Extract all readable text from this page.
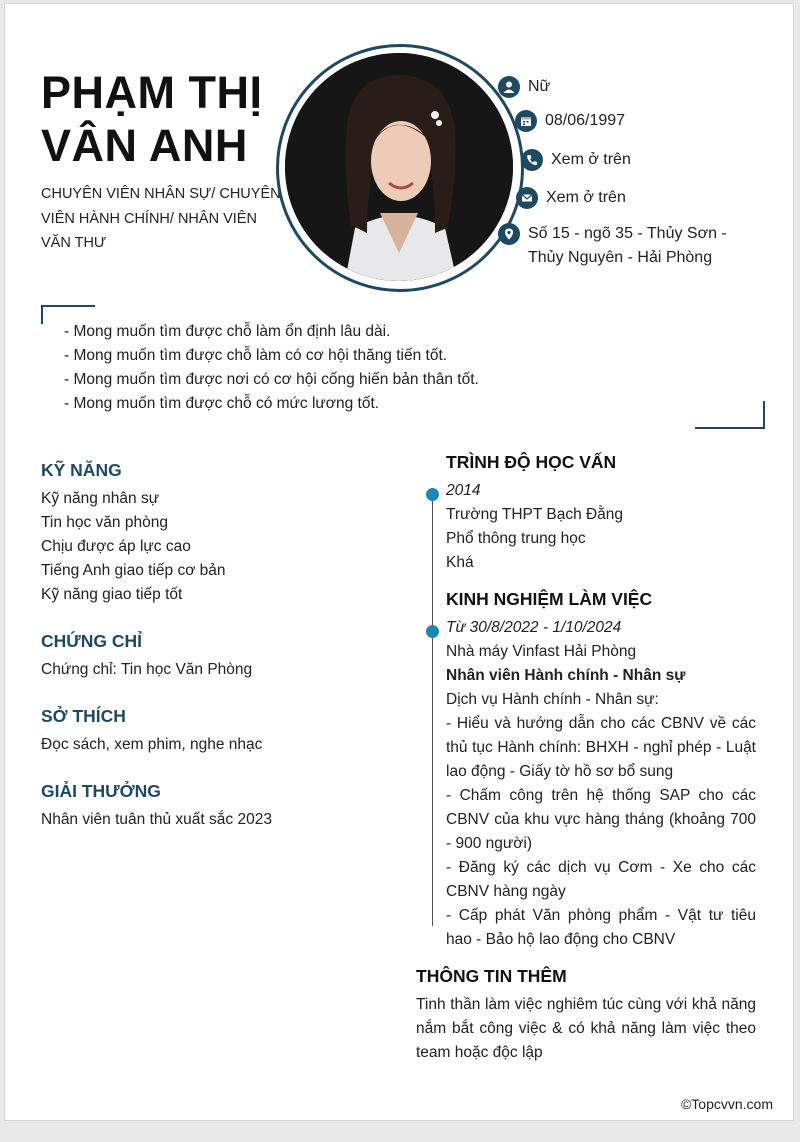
PHẠM THỊ
VÂN ANH
CHUYÊN VIÊN NHÂN SỰ/ CHUYÊN VIÊN HÀNH CHÍNH/ NHÂN VIÊN VĂN THƯ
Nữ
08/06/1997
Xem ở trên
Xem ở trên
Số 15 - ngõ 35 - Thủy Sơn - Thủy Nguyên - Hải Phòng
- Mong muốn tìm được chỗ làm ổn định lâu dài.
- Mong muốn tìm được chỗ làm có cơ hội thăng tiến tốt.
- Mong muốn tìm được nơi có cơ hội cống hiến bản thân tốt.
- Mong muốn tìm được chỗ có mức lương tốt.
KỸ NĂNG
Kỹ năng nhân sự
Tin học văn phòng
Chịu được áp lực cao
Tiếng Anh giao tiếp cơ bản
Kỹ năng giao tiếp tốt
CHỨNG CHỈ
Chứng chỉ: Tin học Văn Phòng
SỞ THÍCH
Đọc sách, xem phim, nghe nhạc
GIẢI THƯỞNG
Nhân viên tuân thủ xuất sắc 2023
TRÌNH ĐỘ HỌC VẤN
2014
Trường THPT Bạch Đằng
Phổ thông trung học
Khá
KINH NGHIỆM LÀM VIỆC
Từ 30/8/2022 - 1/10/2024
Nhà máy Vinfast Hải Phòng
Nhân viên Hành chính - Nhân sự
Dịch vụ Hành chính - Nhân sự:
- Hiểu và hướng dẫn cho các CBNV về các thủ tục Hành chính: BHXH - nghỉ phép - Luật lao động - Giấy tờ hồ sơ bổ sung
- Chấm công trên hệ thống SAP cho các CBNV của khu vực hàng tháng (khoảng 700 - 900 người)
- Đăng ký các dịch vụ Cơm - Xe cho các CBNV hàng ngày
- Cấp phát Văn phòng phẩm - Vật tư tiêu hao - Bảo hộ lao động cho CBNV
THÔNG TIN THÊM
Tinh thần làm việc nghiêm túc cùng với khả năng nắm bắt công việc & có khả năng làm việc theo team hoặc độc lập
©Topcvvn.com
